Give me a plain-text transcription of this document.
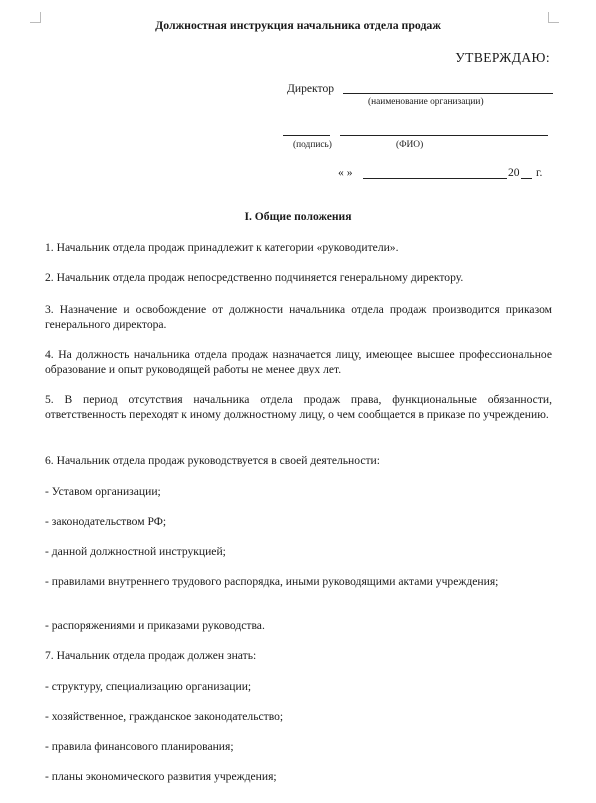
Должностная инструкция начальника отдела продаж
УТВЕРЖДАЮ:
Директор
(наименование организации)
(подпись)	(ФИО)
« »	20 г.
I. Общие положения
1. Начальник отдела продаж принадлежит к категории «руководители».
2. Начальник отдела продаж непосредственно подчиняется генеральному директору.
3. Назначение и освобождение от должности начальника отдела продаж производится приказом генерального директора.
4. На должность начальника отдела продаж назначается лицу, имеющее высшее профессиональное образование и опыт руководящей работы не менее двух лет.
5. В период отсутствия начальника отдела продаж права, функциональные обязанности, ответственность переходят к иному должностному лицу, о чем сообщается в приказе по учреждению.
6. Начальник отдела продаж руководствуется в своей деятельности:
- Уставом организации;
- законодательством РФ;
- данной должностной инструкцией;
- правилами внутреннего трудового распорядка, иными руководящими актами учреждения;
- распоряжениями и приказами руководства.
7. Начальник отдела продаж должен знать:
- структуру, специализацию организации;
- хозяйственное, гражданское законодательство;
- правила финансового планирования;
- планы экономического развития учреждения;
